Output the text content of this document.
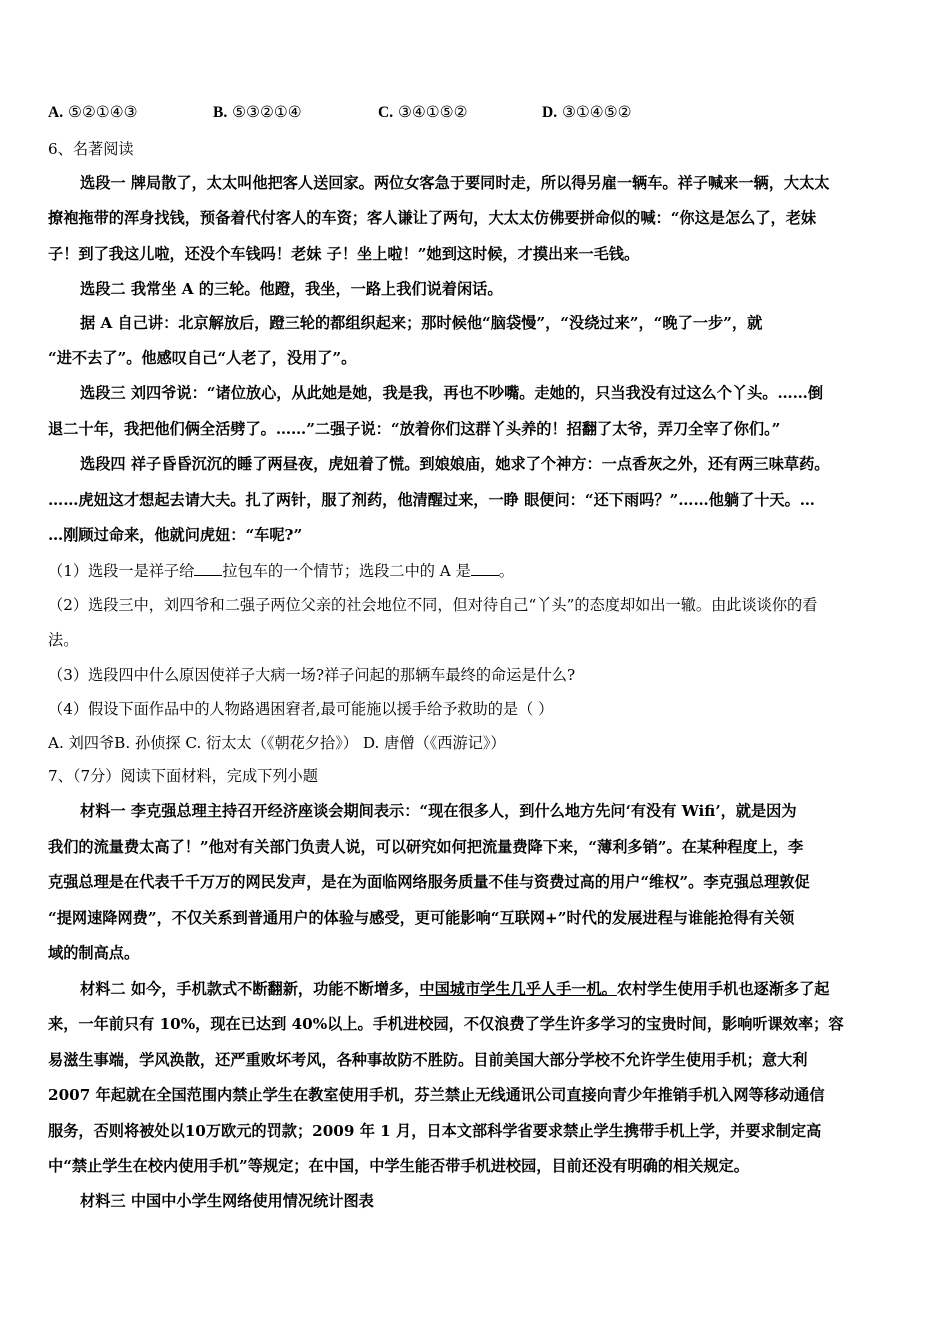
A. ⑤②①④③	B. ⑤③②①④	C. ③④①⑤②	D. ③①④⑤②
6、名著阅读
选段一 牌局散了，太太叫他把客人送回家。两位女客急于要同时走，所以得另雇一辆车。祥子喊来一辆，大太太
撩袍拖带的浑身找钱，预备着代付客人的车资；客人谦让了两句，大太太仿佛要拼命似的喊：“你这是怎么了，老妹
子！到了我这儿啦，还没个车钱吗！老妹 子！坐上啦！”她到这时候，才摸出来一毛钱。
选段二 我常坐 A 的三轮。他蹬，我坐，一路上我们说着闲话。
据 A 自己讲：北京解放后，蹬三轮的都组织起来；那时候他“脑袋慢”，“没绕过来”，“晚了一步”，就
“进不去了”。他感叹自己“人老了，没用了”。
选段三 刘四爷说：“诸位放心，从此她是她，我是我，再也不吵嘴。走她的，只当我没有过这么个丫头。……倒
退二十年，我把他们俩全活劈了。……”二强子说：“放着你们这群丫头养的！招翻了太爷，弄刀全宰了你们。”
选段四 祥子昏昏沉沉的睡了两昼夜，虎妞着了慌。到娘娘庙，她求了个神方：一点香灰之外，还有两三味草药。
……虎妞这才想起去请大夫。扎了两针，服了剂药，他清醒过来，一睁 眼便问：“还下雨吗？”……他躺了十天。…
…刚顾过命来，他就问虎妞：“车呢?”
（1）选段一是祥子给 拉包车的一个情节；选段二中的 A 是 。
（2）选段三中，刘四爷和二强子两位父亲的社会地位不同，但对待自己“丫头”的态度却如出一辙。由此谈谈你的看
法。
（3）选段四中什么原因使祥子大病一场?祥子问起的那辆车最终的命运是什么?
（4）假设下面作品中的人物路遇困窘者,最可能施以援手给予救助的是（ ）
A. 刘四爷B. 孙侦探 C. 衍太太（《朝花夕拾》） D. 唐僧（《西游记》）
7、（7分）阅读下面材料，完成下列小题
材料一 李克强总理主持召开经济座谈会期间表示：“现在很多人，到什么地方先问‘有没有 Wifi’，就是因为
我们的流量费太高了！”他对有关部门负责人说，可以研究如何把流量费降下来，“薄利多销”。在某种程度上，李
克强总理是在代表千千万万的网民发声，是在为面临网络服务质量不佳与资费过高的用户“维权”。李克强总理敦促
“提网速降网费”，不仅关系到普通用户的体验与感受，更可能影响“互联网+”时代的发展进程与谁能抢得有关领
域的制高点。
材料二 如今，手机款式不断翻新，功能不断增多，中国城市学生几乎人手一机。农村学生使用手机也逐渐多了起
来，一年前只有 10%，现在已达到 40%以上。手机进校园，不仅浪费了学生许多学习的宝贵时间，影响听课效率；容
易滋生事端，学风涣散，还严重败坏考风，各种事故防不胜防。目前美国大部分学校不允许学生使用手机；意大利
2007 年起就在全国范围内禁止学生在教室使用手机，芬兰禁止无线通讯公司直接向青少年推销手机入网等移动通信
服务，否则将被处以10万欧元的罚款；2009 年 1 月，日本文部科学省要求禁止学生携带手机上学，并要求制定高
中“禁止学生在校内使用手机”等规定；在中国，中学生能否带手机进校园，目前还没有明确的相关规定。
材料三 中国中小学生网络使用情况统计图表
